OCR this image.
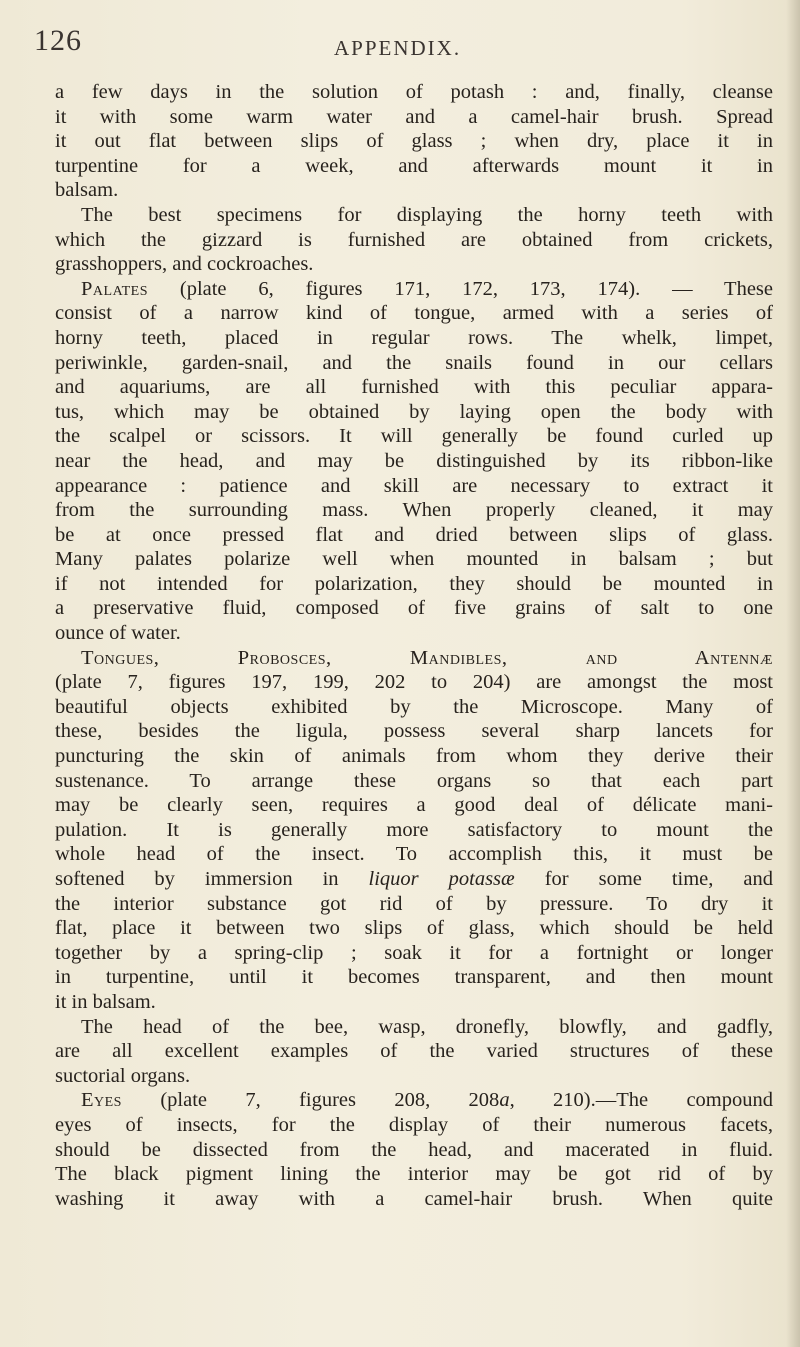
126	APPENDIX.
a few days in the solution of potash : and, finally, cleanse
it with some warm water and a camel-hair brush. Spread
it out flat between slips of glass ; when dry, place it in
turpentine for a week, and afterwards mount it in
balsam.
The best specimens for displaying the horny teeth with
which the gizzard is furnished are obtained from crickets,
grasshoppers, and cockroaches.
Palates (plate 6, figures 171, 172, 173, 174). — These
consist of a narrow kind of tongue, armed with a series of
horny teeth, placed in regular rows. The whelk, limpet,
periwinkle, garden-snail, and the snails found in our cellars
and aquariums, are all furnished with this peculiar appara-
tus, which may be obtained by laying open the body with
the scalpel or scissors. It will generally be found curled up
near the head, and may be distinguished by its ribbon-like
appearance : patience and skill are necessary to extract it
from the surrounding mass. When properly cleaned, it may
be at once pressed flat and dried between slips of glass.
Many palates polarize well when mounted in balsam ; but
if not intended for polarization, they should be mounted in
a preservative fluid, composed of five grains of salt to one
ounce of water.
Tongues, Probosces, Mandibles, and Antennæ
(plate 7, figures 197, 199, 202 to 204) are amongst the most
beautiful objects exhibited by the Microscope. Many of
these, besides the ligula, possess several sharp lancets for
puncturing the skin of animals from whom they derive their
sustenance. To arrange these organs so that each part
may be clearly seen, requires a good deal of délicate mani-
pulation. It is generally more satisfactory to mount the
whole head of the insect. To accomplish this, it must be
softened by immersion in liquor potassæ for some time, and
the interior substance got rid of by pressure. To dry it
flat, place it between two slips of glass, which should be held
together by a spring-clip ; soak it for a fortnight or longer
in turpentine, until it becomes transparent, and then mount
it in balsam.
The head of the bee, wasp, dronefly, blowfly, and gadfly,
are all excellent examples of the varied structures of these
suctorial organs.
Eyes (plate 7, figures 208, 208a, 210).—The compound
eyes of insects, for the display of their numerous facets,
should be dissected from the head, and macerated in fluid.
The black pigment lining the interior may be got rid of by
washing it away with a camel-hair brush. When quite
